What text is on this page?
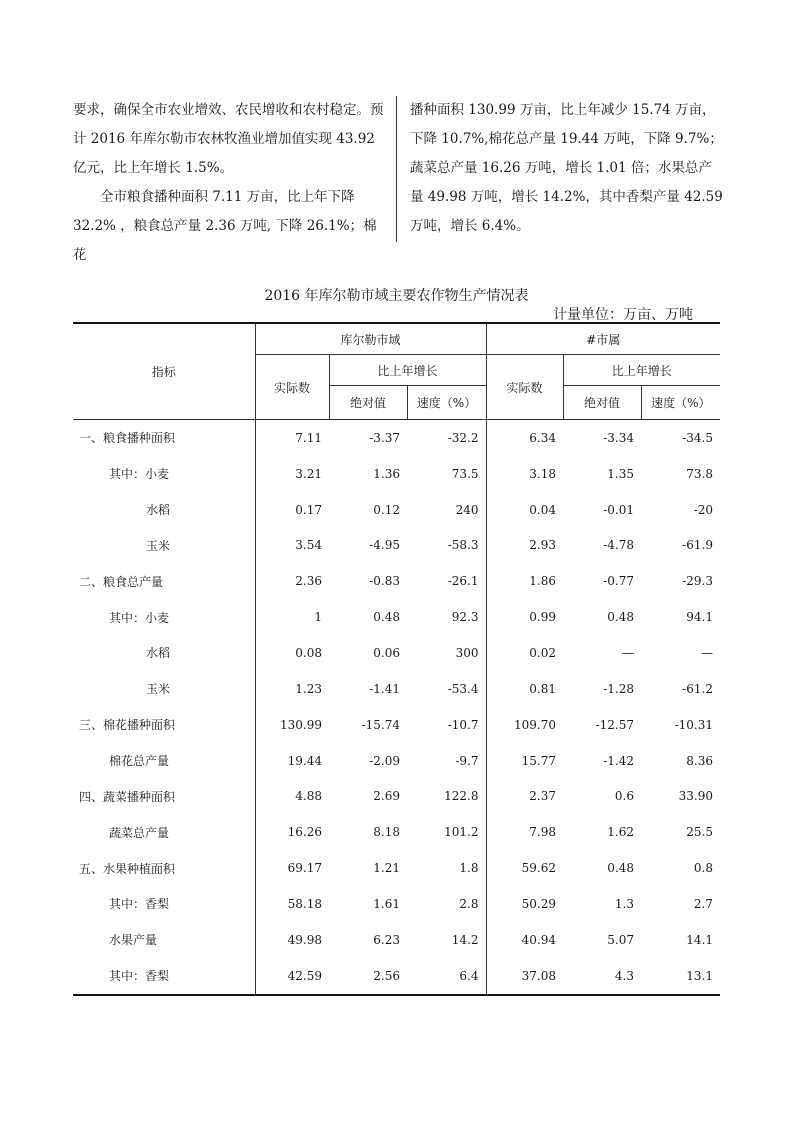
要求，确保全市农业增效、农民增收和农村稳定。预计 2016 年库尔勒市农林牧渔业增加值实现 43.92 亿元，比上年增长 1.5%。

全市粮食播种面积 7.11 万亩，比上年下降 32.2% ，粮食总产量 2.36 万吨, 下降 26.1%；棉花

播种面积 130.99 万亩，比上年减少 15.74 万亩，下降 10.7%,棉花总产量 19.44 万吨，下降 9.7%；蔬菜总产量 16.26 万吨，增长 1.01 倍；水果总产量 49.98 万吨，增长 14.2%，其中香梨产量 42.59 万吨，增长 6.4%。

2016 年库尔勒市域主要农作物生产情况表
计量单位：万亩、万吨
指标	库尔勒市域			#市属		
	实际数	比上年增长		实际数	比上年增长	
		绝对值	速度（%）		绝对值	速度（%）
一、粮食播种面积	7.11	-3.37	-32.2	6.34	-3.34	-34.5
其中：小麦	3.21	1.36	73.5	3.18	1.35	73.8
水稻	0.17	0.12	240	0.04	-0.01	-20
玉米	3.54	-4.95	-58.3	2.93	-4.78	-61.9
二、粮食总产量	2.36	-0.83	-26.1	1.86	-0.77	-29.3
其中：小麦	1	0.48	92.3	0.99	0.48	94.1
水稻	0.08	0.06	300	0.02	—	—
玉米	1.23	-1.41	-53.4	0.81	-1.28	-61.2
三、棉花播种面积	130.99	-15.74	-10.7	109.70	-12.57	-10.31
棉花总产量	19.44	-2.09	-9.7	15.77	-1.42	8.36
四、蔬菜播种面积	4.88	2.69	122.8	2.37	0.6	33.90
蔬菜总产量	16.26	8.18	101.2	7.98	1.62	25.5
五、水果种植面积	69.17	1.21	1.8	59.62	0.48	0.8
其中：香梨	58.18	1.61	2.8	50.29	1.3	2.7
水果产量	49.98	6.23	14.2	40.94	5.07	14.1
其中：香梨	42.59	2.56	6.4	37.08	4.3	13.1
